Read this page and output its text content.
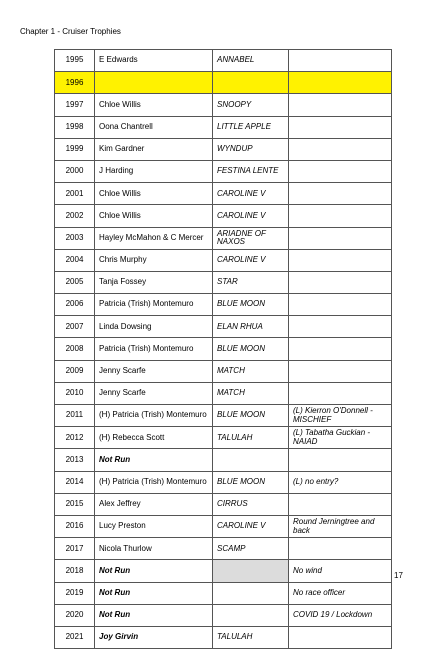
Chapter 1 - Cruiser Trophies
1995	E Edwards	ANNABEL	
1996			
1997	Chloe Willis	SNOOPY	
1998	Oona Chantrell	LITTLE APPLE	
1999	Kim Gardner	WYNDUP	
2000	J Harding	FESTINA LENTE	
2001	Chloe Willis	CAROLINE V	
2002	Chloe Willis	CAROLINE V	
2003	Hayley McMahon & C Mercer	ARIADNE OF NAXOS	
2004	Chris Murphy	CAROLINE V	
2005	Tanja Fossey	STAR	
2006	Patricia (Trish) Montemuro	BLUE MOON	
2007	Linda Dowsing	ELAN RHUA	
2008	Patricia (Trish) Montemuro	BLUE MOON	
2009	Jenny Scarfe	MATCH	
2010	Jenny Scarfe	MATCH	
2011	(H) Patricia (Trish) Montemuro	BLUE MOON	(L) Kierron O'Donnell - MISCHIEF
2012	(H) Rebecca Scott	TALULAH	(L) Tabatha Guckian - NAIAD
2013	Not Run		
2014	(H) Patricia (Trish) Montemuro	BLUE MOON	(L) no entry?
2015	Alex Jeffrey	CIRRUS	
2016	Lucy Preston	CAROLINE V	Round Jerningtree and back
2017	Nicola Thurlow	SCAMP	
2018	Not Run		No wind
2019	Not Run		No race officer
2020	Not Run		COVID 19 / Lockdown
2021	Joy Girvin	TALULAH	
17
